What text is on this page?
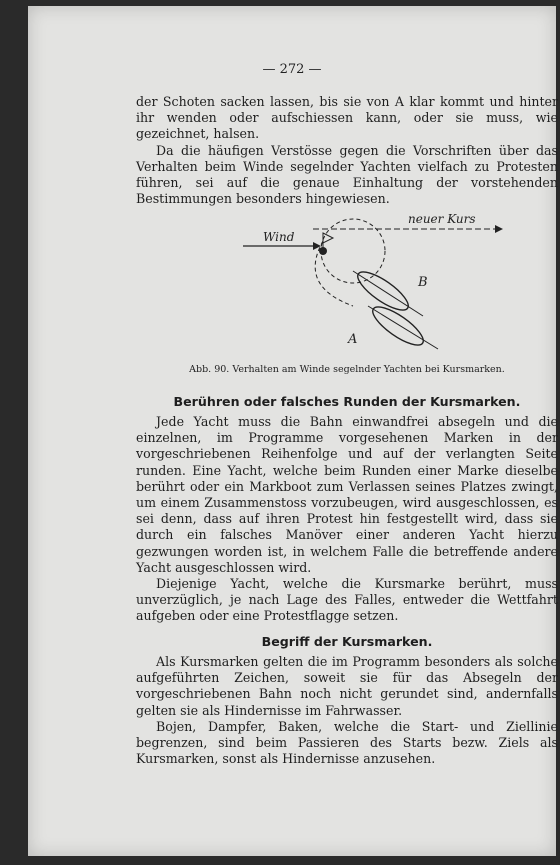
— 272 —

der Schoten sacken lassen, bis sie von A klar kommt und hinter ihr wenden oder aufschiessen kann, oder sie muss, wie gezeichnet, halsen.

Da die häufigen Verstösse gegen die Vorschriften über das Verhalten beim Winde segelnder Yachten vielfach zu Protesten führen, sei auf die genaue Einhaltung der vorstehenden Bestimmungen besonders hingewiesen.

Wind
neuer Kurs
B
A
Abb. 90. Verhalten am Winde segelnder Yachten bei Kursmarken.
Berühren oder falsches Runden der Kursmarken.

Jede Yacht muss die Bahn einwandfrei absegeln und die einzelnen, im Programme vorgesehenen Marken in der vorgeschriebenen Reihenfolge und auf der verlangten Seite runden. Eine Yacht, welche beim Runden einer Marke dieselbe berührt oder ein Markboot zum Verlassen seines Platzes zwingt, um einem Zusammenstoss vorzubeugen, wird ausgeschlossen, es sei denn, dass auf ihren Protest hin festgestellt wird, dass sie durch ein falsches Manöver einer anderen Yacht hierzu gezwungen worden ist, in welchem Falle die betreffende andere Yacht ausgeschlossen wird.

Diejenige Yacht, welche die Kursmarke berührt, muss unverzüglich, je nach Lage des Falles, entweder die Wettfahrt aufgeben oder eine Protestflagge setzen.

Begriff der Kursmarken.

Als Kursmarken gelten die im Programm besonders als solche aufgeführten Zeichen, soweit sie für das Absegeln der vorgeschriebenen Bahn noch nicht gerundet sind, andernfalls gelten sie als Hindernisse im Fahrwasser.

Bojen, Dampfer, Baken, welche die Start- und Ziellinie begrenzen, sind beim Passieren des Starts bezw. Ziels als Kursmarken, sonst als Hindernisse anzusehen.
